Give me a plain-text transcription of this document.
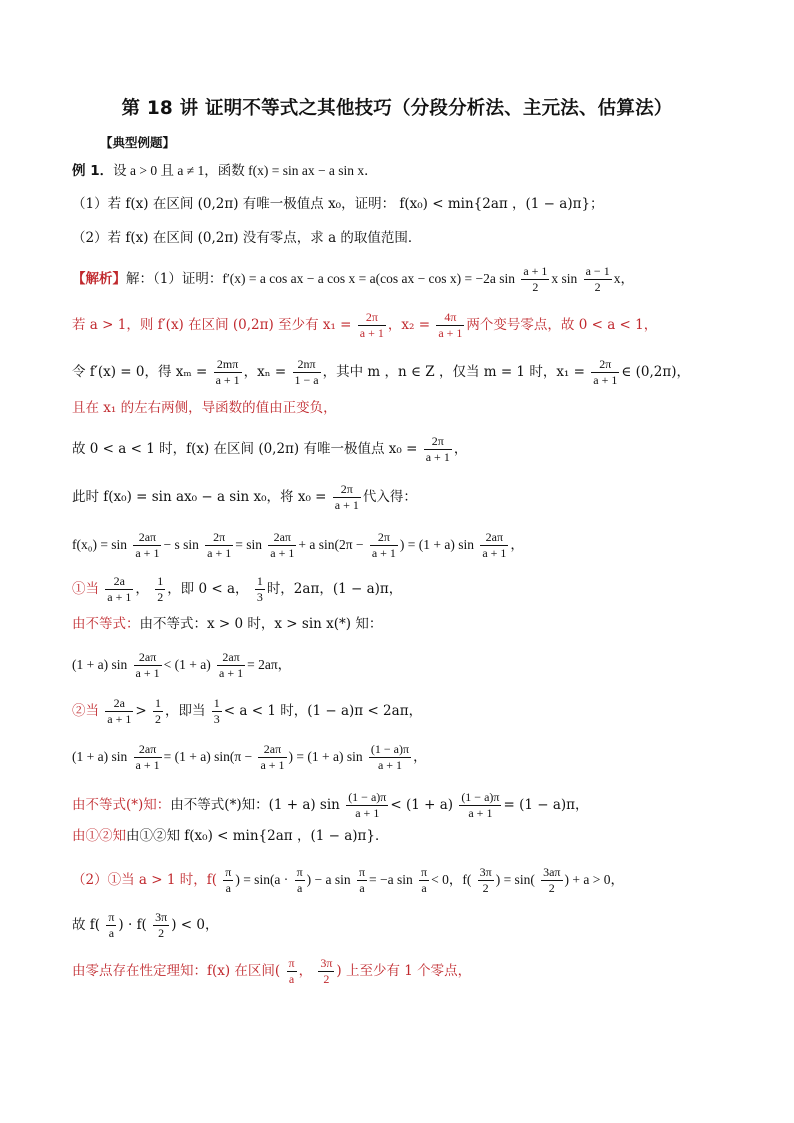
第 18 讲 证明不等式之其他技巧（分段分析法、主元法、估算法）
【典型例题】
例 1．设 a > 0 且 a ≠ 1，函数 f(x) = sin ax − a sin x．
（1）若 f(x) 在区间 (0,2π) 有唯一极值点 x₀，证明： f(x₀) < min{2aπ ，(1 − a)π}；
（2）若 f(x) 在区间 (0,2π) 没有零点，求 a 的取值范围．
【解析】解：（1）证明：f′(x) = a cos ax − a cos x = a(cos ax − cos x) = −2a $\sin \frac{a + 1}{2}$ x $\sin \frac{a - 1}{2}$ x，
若 a > 1，则 f′(x) 在区间 (0,2π) 至少有 $x_1 = \frac{2\pi}{a + 1}$ ，$x_2 = \frac{4\pi}{a + 1}$ 两个变号零点，故 0 < a < 1，
令 f′(x) = 0，得 $x_m = \frac{2m\pi}{a + 1}$ ，$x_n = \frac{2n\pi}{1 - a}$ ，其中 m ，n ∈ Z ，仅当 m = 1 时，$x_1 = \frac{2\pi}{a + 1}$ ∈ (0,2π)，
且在 x₁ 的左右两侧，导函数的值由正变负，
故 0 < a < 1 时，f(x) 在区间 (0,2π) 有唯一极值点 $x_0 = \frac{2\pi}{a + 1}$ ，
此时 f(x₀) = sin ax₀ − a sin x₀，将 $x_0 = \frac{2\pi}{a + 1}$ 代入得：
$f(x_0) = \sin \frac{2a\pi}{a + 1} - s$ $\sin \frac{2\pi}{a + 1} = \sin \frac{2a\pi}{a + 1} + a$ $\sin(2\pi - \frac{2\pi}{a + 1}$ ) = (1 + a) $\sin \frac{2a\pi}{a + 1}$ ，
①当 $\frac{2a}{a + 1}$ ， $\frac{1}{2}$ ，即 0 < a， $\frac{1}{3}$ 时，2aπ，(1 − a)π，
由不等式：由不等式：x > 0 时，x > sin x(*) 知：
(1 + a) $\sin \frac{2a\pi}{a + 1} < (1 + a) \frac{2a\pi}{a + 1} = 2a\pi$，
②当 $\frac{2a}{a + 1} > \frac{1}{2}$ ，即当 $\frac{1}{3} < a < 1$ 时，(1 − a)π < 2aπ，
(1 + a) $\sin \frac{2a\pi}{a + 1} = (1 + a) \sin(\pi - \frac{2a\pi}{a + 1}$ ) = (1 + a) $\sin \frac{(1 - a)\pi}{a + 1}$ ，
由不等式(*)知：由不等式(*)知：(1 + a) $\sin \frac{(1 - a)\pi}{a + 1} < (1 + a) \frac{(1 - a)\pi}{a + 1} = (1 - a)\pi$，
由①②知由①②知 f(x₀) < min{2aπ ，(1 − a)π}．
（2）①当 a > 1 时，$f( \frac{\pi}{a}$ ) = $\sin(a \cdot \frac{\pi}{a}$ ) − a $\sin \frac{\pi}{a} = -a$ $\sin \frac{\pi}{a} < 0$，$f( \frac{3\pi}{2}$ ) = $\sin( \frac{3a\pi}{2}$ ) + a > 0，
故 $f( \frac{\pi}{a}$ ) · $f( \frac{3\pi}{2}$ ) < 0，
由零点存在性定理知：f(x) 在区间( $\frac{\pi}{a}$ ， $\frac{3\pi}{2}$ ) 上至少有 1 个零点，
